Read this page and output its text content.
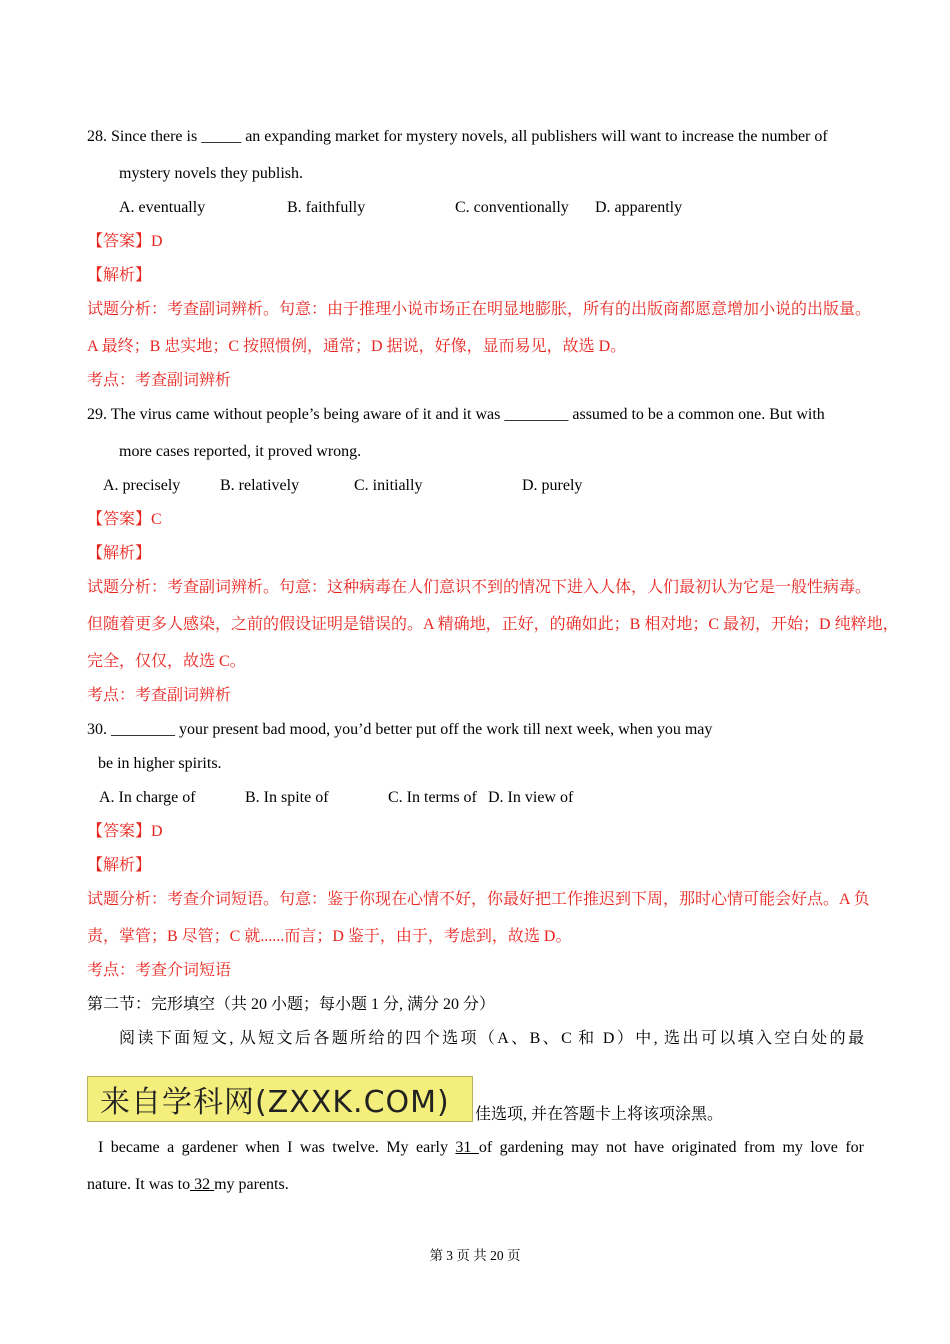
28. Since there is _____ an expanding market for mystery novels, all publishers will want to increase the number of
mystery novels they publish.
A. eventually	B. faithfully	C. conventionally D. apparently
【答案】D
【解析】
试题分析：考查副词辨析。句意：由于推理小说市场正在明显地膨胀，所有的出版商都愿意增加小说的出版量。
A 最终；B 忠实地；C 按照惯例，通常；D 据说，好像，显而易见，故选 D。
考点：考查副词辨析
29. The virus came without people’s being aware of it and it was ________ assumed to be a common one. But with
more cases reported, it proved wrong.
A. precisely B. relatively	C. initially	D. purely
【答案】C
【解析】
试题分析：考查副词辨析。句意：这种病毒在人们意识不到的情况下进入人体，人们最初认为它是一般性病毒。
但随着更多人感染，之前的假设证明是错误的。A 精确地，正好，的确如此；B 相对地；C 最初，开始；D 纯粹地，
完全，仅仅，故选 C。
考点：考查副词辨析
30. ________ your present bad mood, you’d better put off the work till next week, when you may
be in higher spirits.
A. In charge of	B. In spite of	C. In terms of D. In view of
【答案】D
【解析】
试题分析：考查介词短语。句意：鉴于你现在心情不好，你最好把工作推迟到下周，那时心情可能会好点。A 负
责，掌管；B 尽管；C 就......而言；D 鉴于，由于，考虑到，故选 D。
考点：考查介词短语
第二节：完形填空（共 20 小题；每小题 1 分, 满分 20 分）
阅读下面短文, 从短文后各题所给的四个选项（A、B、C 和 D）中, 选出可以填入空白处的最
来自学科网(ZXXK.COM)	佳选项, 并在答题卡上将该项涂黑。
I became a gardener when I was twelve. My early 31 of gardening may not have originated from my love for
nature. It was to 32 my parents.
第 3 页 共 20 页
